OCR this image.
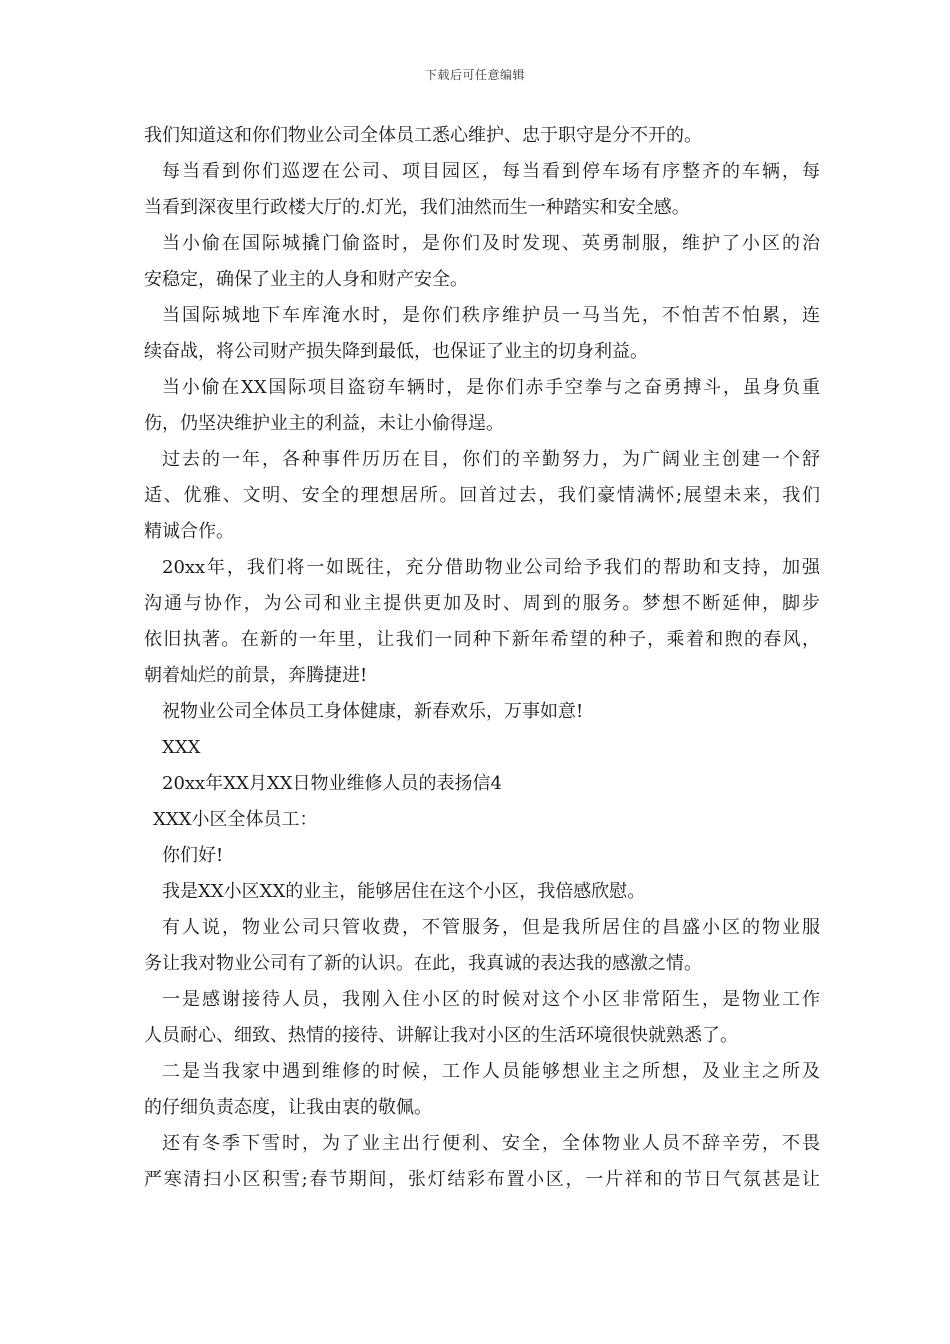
下载后可任意编辑
我们知道这和你们物业公司全体员工悉心维护、忠于职守是分不开的。
每当看到你们巡逻在公司、项目园区，每当看到停车场有序整齐的车辆，每
当看到深夜里行政楼大厅的.灯光，我们油然而生一种踏实和安全感。
当小偷在国际城撬门偷盗时，是你们及时发现、英勇制服，维护了小区的治
安稳定，确保了业主的人身和财产安全。
当国际城地下车库淹水时，是你们秩序维护员一马当先，不怕苦不怕累，连
续奋战，将公司财产损失降到最低，也保证了业主的切身利益。
当小偷在XX国际项目盗窃车辆时，是你们赤手空拳与之奋勇搏斗，虽身负重
伤，仍坚决维护业主的利益，未让小偷得逞。
过去的一年，各种事件历历在目，你们的辛勤努力，为广阔业主创建一个舒
适、优雅、文明、安全的理想居所。回首过去，我们豪情满怀;展望未来，我们
精诚合作。
20xx年，我们将一如既往，充分借助物业公司给予我们的帮助和支持，加强
沟通与协作，为公司和业主提供更加及时、周到的服务。梦想不断延伸，脚步
依旧执著。在新的一年里，让我们一同种下新年希望的种子，乘着和煦的春风，
朝着灿烂的前景，奔腾捷进!
祝物业公司全体员工身体健康，新春欢乐，万事如意!
XXX
20xx年XX月XX日物业维修人员的表扬信4
XXX小区全体员工：
你们好!
我是XX小区XX的业主，能够居住在这个小区，我倍感欣慰。
有人说，物业公司只管收费，不管服务，但是我所居住的昌盛小区的物业服
务让我对物业公司有了新的认识。在此，我真诚的表达我的感激之情。
一是感谢接待人员，我刚入住小区的时候对这个小区非常陌生，是物业工作
人员耐心、细致、热情的接待、讲解让我对小区的生活环境很快就熟悉了。
二是当我家中遇到维修的时候，工作人员能够想业主之所想，及业主之所及
的仔细负责态度，让我由衷的敬佩。
还有冬季下雪时，为了业主出行便利、安全，全体物业人员不辞辛劳，不畏
严寒清扫小区积雪;春节期间，张灯结彩布置小区，一片祥和的节日气氛甚是让
